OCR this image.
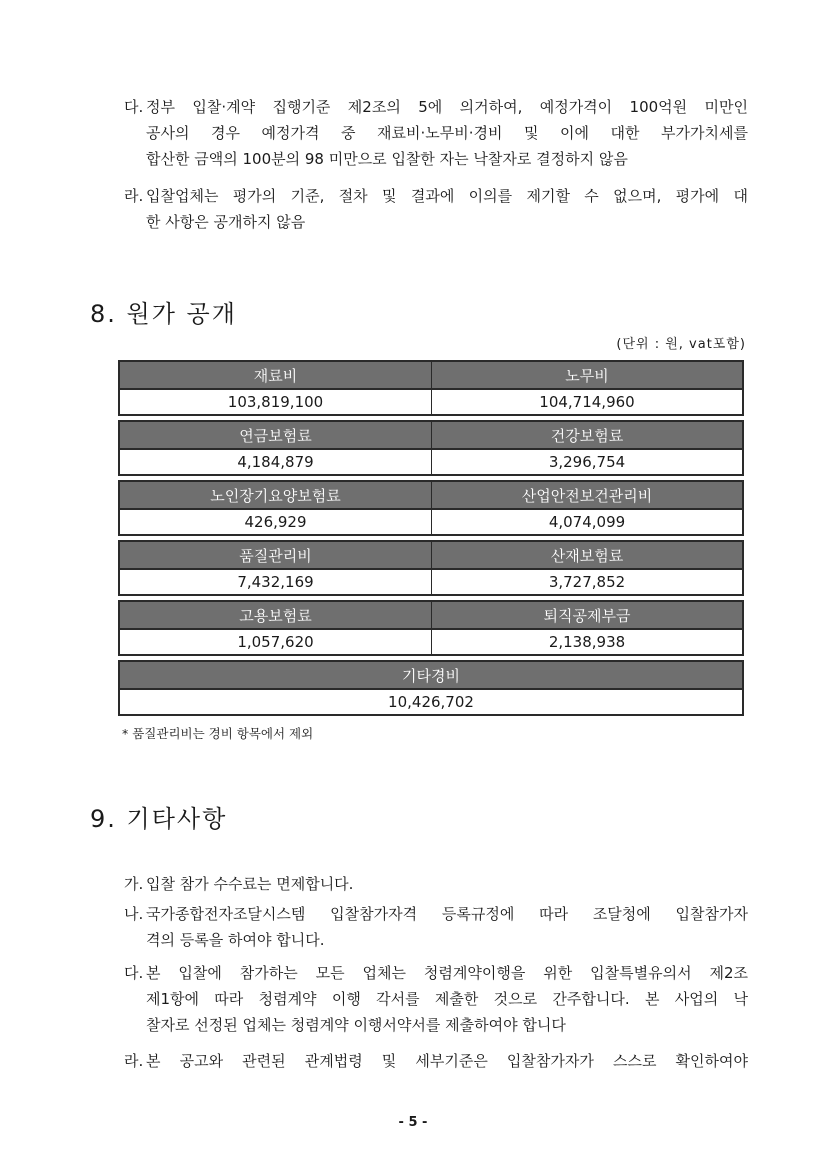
다. 정부 입찰·계약 집행기준 제2조의 5에 의거하여, 예정가격이 100억원 미만인
공사의 경우 예정가격 중 재료비·노무비·경비 및 이에 대한 부가가치세를
합산한 금액의 100분의 98 미만으로 입찰한 자는 낙찰자로 결정하지 않음
라. 입찰업체는 평가의 기준, 절차 및 결과에 이의를 제기할 수 없으며, 평가에 대
한 사항은 공개하지 않음
8. 원가 공개
(단위 : 원, vat포함)
재료비
103,819,100
노무비
104,714,960
연금보험료
4,184,879
건강보험료
3,296,754
노인장기요양보험료
426,929
산업안전보건관리비
4,074,099
품질관리비
7,432,169
산재보험료
3,727,852
고용보험료
1,057,620
퇴직공제부금
2,138,938
기타경비
10,426,702
* 품질관리비는 경비 항목에서 제외
9. 기타사항
가. 입찰 참가 수수료는 면제합니다.
나. 국가종합전자조달시스템 입찰참가자격 등록규정에 따라 조달청에 입찰참가자
격의 등록을 하여야 합니다.
다. 본 입찰에 참가하는 모든 업체는 청렴계약이행을 위한 입찰특별유의서 제2조
제1항에 따라 청렴계약 이행 각서를 제출한 것으로 간주합니다. 본 사업의 낙
찰자로 선정된 업체는 청렴계약 이행서약서를 제출하여야 합니다
라. 본 공고와 관련된 관계법령 및 세부기준은 입찰참가자가 스스로 확인하여야
- 5 -
